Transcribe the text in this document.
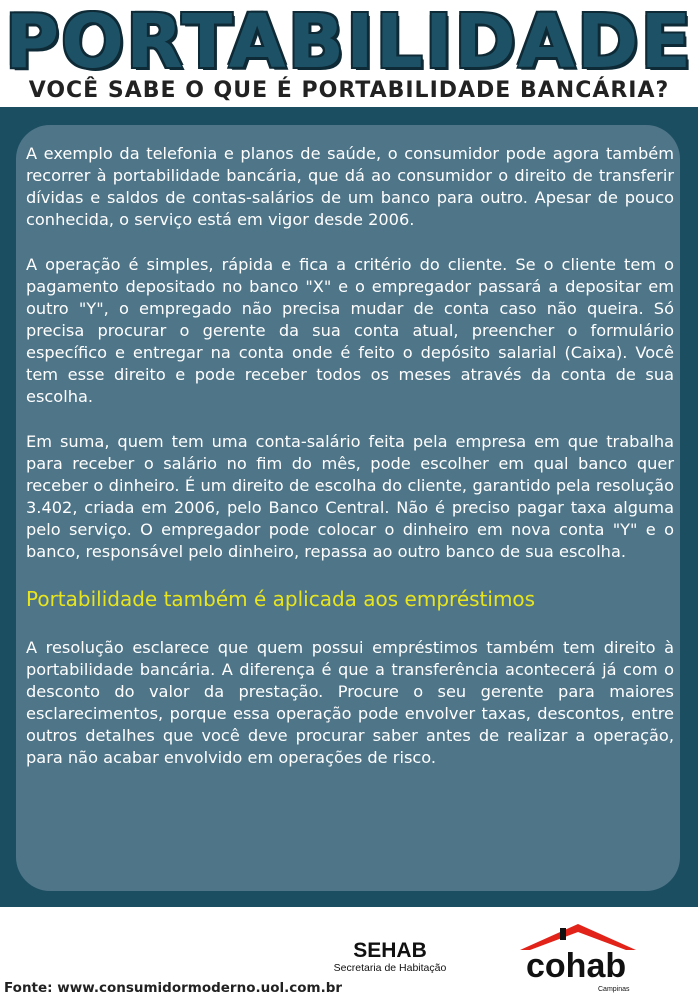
PORTABILIDADE
VOCÊ SABE O QUE É PORTABILIDADE BANCÁRIA?

A exemplo da telefonia e planos de saúde, o consumidor pode agora também recorrer à portabilidade bancária, que dá ao consumidor o direito de transferir dívidas e saldos de contas-salários de um banco para outro. Apesar de pouco conhecida, o serviço está em vigor desde 2006.

A operação é simples, rápida e fica a critério do cliente. Se o cliente tem o pagamento depositado no banco "X" e o empregador passará a depositar em outro "Y", o empregado não precisa mudar de conta caso não queira. Só precisa procurar o gerente da sua conta atual, preencher o formulário específico e entregar na conta onde é feito o depósito salarial (Caixa). Você tem esse direito e pode receber todos os meses através da conta de sua escolha.

Em suma, quem tem uma conta-salário feita pela empresa em que trabalha para receber o salário no fim do mês, pode escolher em qual banco quer receber o dinheiro. É um direito de escolha do cliente, garantido pela resolução 3.402, criada em 2006, pelo Banco Central. Não é preciso pagar taxa alguma pelo serviço. O empregador pode colocar o dinheiro em nova conta "Y" e o banco, responsável pelo dinheiro, repassa ao outro banco de sua escolha.

Portabilidade também é aplicada aos empréstimos

A resolução esclarece que quem possui empréstimos também tem direito à portabilidade bancária. A diferença é que a transferência acontecerá já com o desconto do valor da prestação. Procure o seu gerente para maiores esclarecimentos, porque essa operação pode envolver taxas, descontos, entre outros detalhes que você deve procurar saber antes de realizar a operação, para não acabar envolvido em operações de risco.

Fonte: www.consumidormoderno.uol.com.br
SEHAB
Secretaria de Habitação	cohab
Campinas
